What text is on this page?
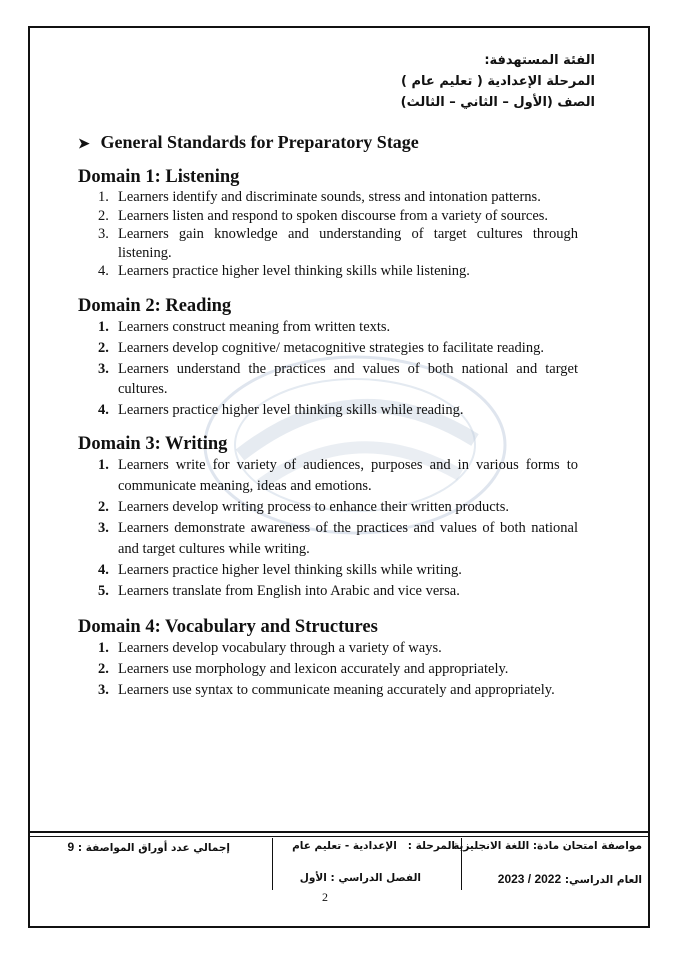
الفئة المستهدفة:
المرحلة الإعدادية ( تعليم عام )
الصف (الأول – الثاني – الثالث)
➤ General Standards for Preparatory Stage
Domain 1: Listening
1. Learners identify and discriminate sounds, stress and intonation patterns.
2. Learners listen and respond to spoken discourse from a variety of sources.
3. Learners gain knowledge and understanding of target cultures through listening.
4. Learners practice higher level thinking skills while listening.
Domain 2: Reading
1. Learners construct meaning from written texts.
2. Learners develop cognitive/ metacognitive strategies to facilitate reading.
3. Learners understand the practices and values of both national and target cultures.
4. Learners practice higher level thinking skills while reading.
Domain 3: Writing
1. Learners write for variety of audiences, purposes and in various forms to communicate meaning, ideas and emotions.
2. Learners develop writing process to enhance their written products.
3. Learners demonstrate awareness of the practices and values of both national and target cultures while writing.
4. Learners practice higher level thinking skills while writing.
5. Learners translate from English into Arabic and vice versa.
Domain 4: Vocabulary and Structures
1. Learners develop vocabulary through a variety of ways.
2. Learners use morphology and lexicon accurately and appropriately.
3. Learners use syntax to communicate meaning accurately and appropriately.
مواصفة امتحان مادة: اللغة الانجليزية
العام الدراسي: 2023 / 2022
المرحلة :   الإعدادية - تعليم عام
الفصل الدراسي : الأول
إجمالي عدد أوراق المواصفة : 9
2
